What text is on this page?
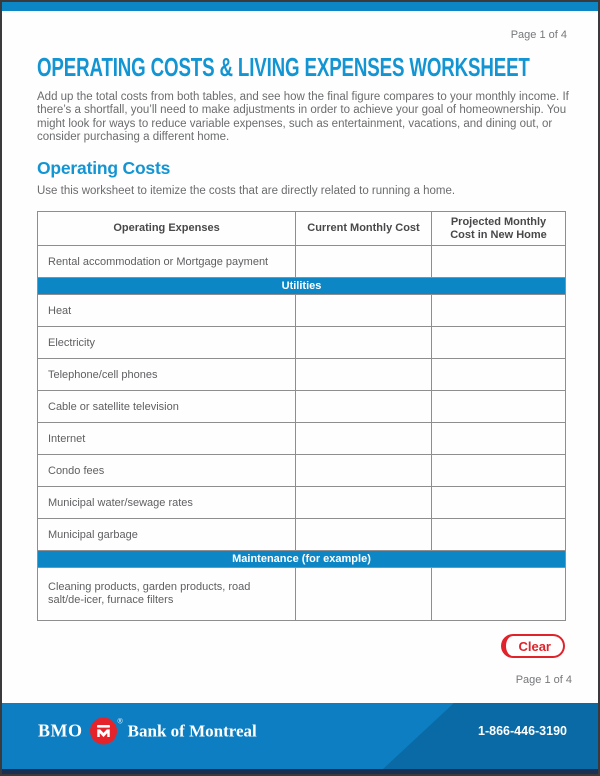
Page 1 of 4
OPERATING COSTS & LIVING EXPENSES WORKSHEET

Add up the total costs from both tables, and see how the final figure compares to your monthly income. If there’s a shortfall, you’ll need to make adjustments in order to achieve your goal of homeownership. You might look for ways to reduce variable expenses, such as entertainment, vacations, and dining out, or consider purchasing a different home.

Operating Costs

Use this worksheet to itemize the costs that are directly related to running a home.

Operating Expenses	Current Monthly Cost	Projected Monthly Cost in New Home
Rental accommodation or Mortgage payment		
Utilities		
Heat		
Electricity		
Telephone/cell phones		
Cable or satellite television		
Internet		
Condo fees		
Municipal water/sewage rates		
Municipal garbage		
Maintenance (for example)		
Cleaning products, garden products, road salt/de-icer, furnace filters		
Clear
Page 1 of 4
BMO	® Bank of Montreal	1-866-446-3190
